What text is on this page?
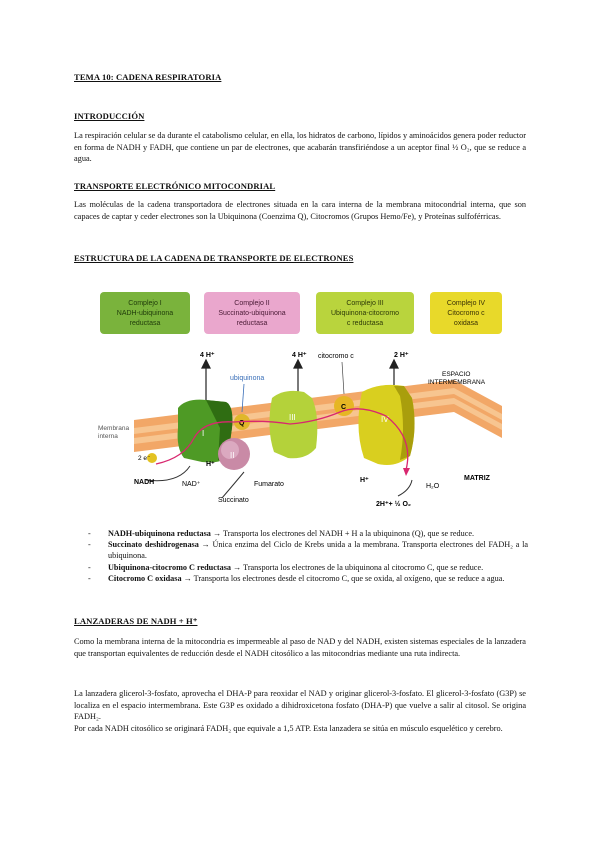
TEMA 10: CADENA RESPIRATORIA
INTRODUCCIÓN
La respiración celular se da durante el catabolismo celular, en ella, los hidratos de carbono, lípidos y aminoácidos genera poder reductor en forma de NADH y FADH, que contiene un par de electrones, que acabarán transfiriéndose a un aceptor final ½ O₂, que se reduce a agua.
TRANSPORTE ELECTRÓNICO MITOCONDRIAL
Las moléculas de la cadena transportadora de electrones situada en la cara interna de la membrana mitocondrial interna, que son capaces de captar y ceder electrones son la Ubiquinona (Coenzima Q), Citocromos (Grupos Hemo/Fe), y Proteínas sulfoférricas.
ESTRUCTURA DE LA CADENA DE TRANSPORTE DE ELECTRONES
Complejo I
NADH-ubiquinona
reductasa
Complejo II
Succinato-ubiquinona
reductasa
Complejo III
Ubiquinona-citocromo
c reductasa
Complejo IV
Citocromo c
oxidasa
4 H⁺	4 H⁺	2 H⁺
I
III	IV
II
Q
ubiquinona
C
citocromo c
ESPACIO
INTERMEMBRANA
Membrana
interna
2 e⁻
NADH	NAD⁺
Succinato
Fumarato
H⁺
H⁺
2H⁺+ ½ O₂
H₂O
MATRIZ
- NADH-ubiquinona reductasa → Transporta los electrones del NADH + H a la ubiquinona (Q), que se reduce.
- Succinato deshidrogenasa → Única enzima del Ciclo de Krebs unida a la membrana. Transporta electrones del FADH₂ a la ubiquinona.
- Ubiquinona-citocromo C reductasa → Transporta los electrones de la ubiquinona al citocromo C, que se reduce.
- Citocromo C oxidasa → Transporta los electrones desde el citocromo C, que se oxida, al oxígeno, que se reduce a agua.
LANZADERAS DE NADH + H⁺
Como la membrana interna de la mitocondria es impermeable al paso de NAD y del NADH, existen sistemas especiales de la lanzadera que transportan equivalentes de reducción desde el NADH citosólico a las mitocondrias mediante una ruta indirecta.
La lanzadera glicerol-3-fosfato, aprovecha el DHA-P para reoxidar el NAD y originar glicerol-3-fosfato. El glicerol-3-fosfato (G3P) se localiza en el espacio intermembrana. Este G3P es oxidado a dihidroxicetona fosfato (DHA-P) que vuelve a salir al citosol. Se origina FADH₂.
Por cada NADH citosólico se originará FADH₂ que equivale a 1,5 ATP. Esta lanzadera se sitúa en músculo esquelético y cerebro.
